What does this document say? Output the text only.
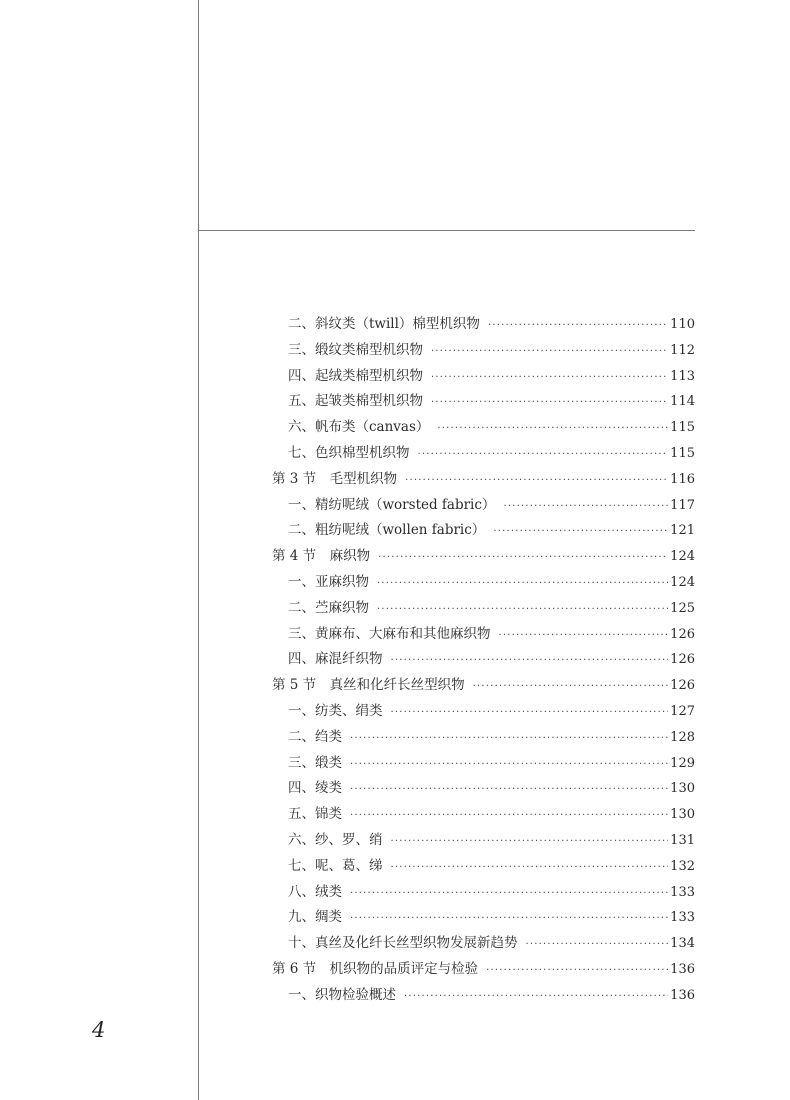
二、斜纹类（twill）棉型机织物 ·····	110
三、缎纹类棉型机织物 ·····	112
四、起绒类棉型机织物 ·····	113
五、起皱类棉型机织物 ·····	114
六、帆布类（canvas） ·····	115
七、色织棉型机织物 ·····	115
第 3 节　毛型机织物 ·····	116
一、精纺呢绒（worsted fabric） ·····	117
二、粗纺呢绒（wollen fabric） ·····	121
第 4 节　麻织物 ·····	124
一、亚麻织物 ·····	124
二、苎麻织物 ·····	125
三、黄麻布、大麻布和其他麻织物 ·····	126
四、麻混纤织物 ·····	126
第 5 节　真丝和化纤长丝型织物 ·····	126
一、纺类、绢类 ·····	127
二、绉类 ·····	128
三、缎类 ·····	129
四、绫类 ·····	130
五、锦类 ·····	130
六、纱、罗、绡 ·····	131
七、呢、葛、绨 ·····	132
八、绒类 ·····	133
九、绸类 ·····	133
十、真丝及化纤长丝型织物发展新趋势 ·····	134
第 6 节　机织物的品质评定与检验 ·····	136
一、织物检验概述 ·····	136
4
